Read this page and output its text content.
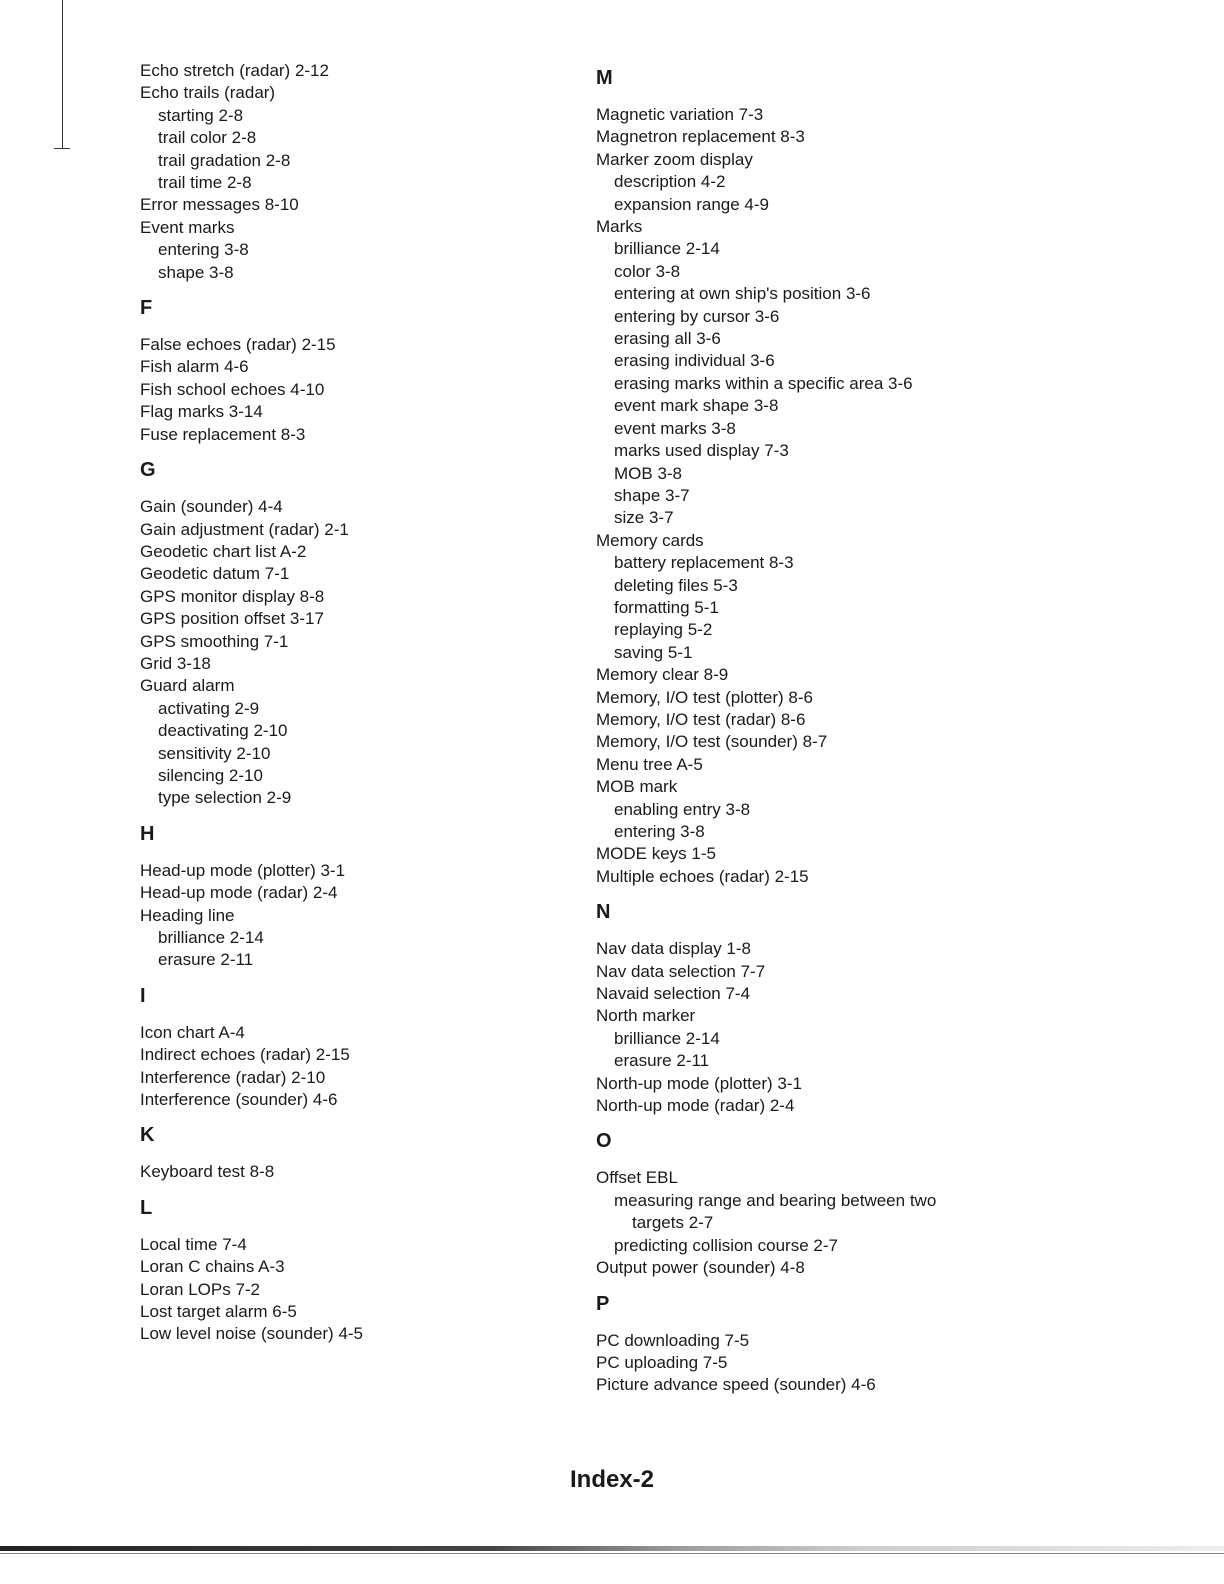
Echo stretch (radar) 2-12
Echo trails (radar)
starting 2-8
trail color 2-8
trail gradation 2-8
trail time 2-8
Error messages 8-10
Event marks
entering 3-8
shape 3-8
F
False echoes (radar) 2-15
Fish alarm 4-6
Fish school echoes 4-10
Flag marks 3-14
Fuse replacement 8-3
G
Gain (sounder) 4-4
Gain adjustment (radar) 2-1
Geodetic chart list A-2
Geodetic datum 7-1
GPS monitor display 8-8
GPS position offset 3-17
GPS smoothing 7-1
Grid 3-18
Guard alarm
activating 2-9
deactivating 2-10
sensitivity 2-10
silencing 2-10
type selection 2-9
H
Head-up mode (plotter) 3-1
Head-up mode (radar) 2-4
Heading line
brilliance 2-14
erasure 2-11
I
Icon chart A-4
Indirect echoes (radar) 2-15
Interference (radar) 2-10
Interference (sounder) 4-6
K
Keyboard test 8-8
L
Local time 7-4
Loran C chains A-3
Loran LOPs 7-2
Lost target alarm 6-5
Low level noise (sounder) 4-5
M
Magnetic variation 7-3
Magnetron replacement 8-3
Marker zoom display
description 4-2
expansion range 4-9
Marks
brilliance 2-14
color 3-8
entering at own ship's position 3-6
entering by cursor 3-6
erasing all 3-6
erasing individual 3-6
erasing marks within a specific area 3-6
event mark shape 3-8
event marks 3-8
marks used display 7-3
MOB 3-8
shape 3-7
size 3-7
Memory cards
battery replacement 8-3
deleting files 5-3
formatting 5-1
replaying 5-2
saving 5-1
Memory clear 8-9
Memory, I/O test (plotter) 8-6
Memory, I/O test (radar) 8-6
Memory, I/O test (sounder) 8-7
Menu tree A-5
MOB mark
enabling entry 3-8
entering 3-8
MODE keys 1-5
Multiple echoes (radar) 2-15
N
Nav data display 1-8
Nav data selection 7-7
Navaid selection 7-4
North marker
brilliance 2-14
erasure 2-11
North-up mode (plotter) 3-1
North-up mode (radar) 2-4
O
Offset EBL
measuring range and bearing between two
targets 2-7
predicting collision course 2-7
Output power (sounder) 4-8
P
PC downloading 7-5
PC uploading 7-5
Picture advance speed (sounder) 4-6
Index-2
